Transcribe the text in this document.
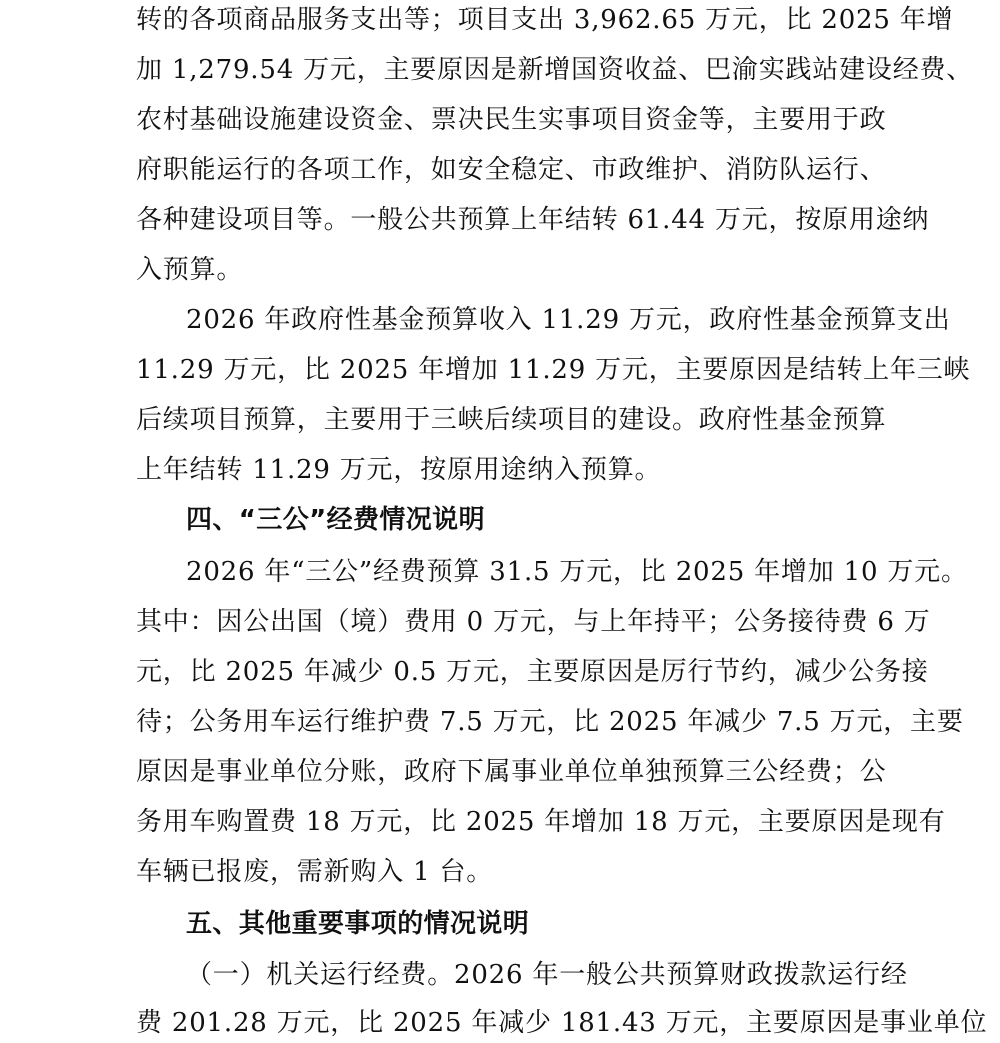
转的各项商品服务支出等；项目支出 3,962.65 万元，比 2025 年增
加 1,279.54 万元，主要原因是新增国资收益、巴渝实践站建设经费、
农村基础设施建设资金、票决民生实事项目资金等，主要用于政
府职能运行的各项工作，如安全稳定、市政维护、消防队运行、
各种建设项目等。一般公共预算上年结转 61.44 万元，按原用途纳
入预算。
2026 年政府性基金预算收入 11.29 万元，政府性基金预算支出
11.29 万元，比 2025 年增加 11.29 万元，主要原因是结转上年三峡
后续项目预算，主要用于三峡后续项目的建设。政府性基金预算
上年结转 11.29 万元，按原用途纳入预算。
四、“三公”经费情况说明
2026 年“三公”经费预算 31.5 万元，比 2025 年增加 10 万元。
其中：因公出国（境）费用 0 万元，与上年持平；公务接待费 6 万
元，比 2025 年减少 0.5 万元，主要原因是厉行节约，减少公务接
待；公务用车运行维护费 7.5 万元，比 2025 年减少 7.5 万元，主要
原因是事业单位分账，政府下属事业单位单独预算三公经费；公
务用车购置费 18 万元，比 2025 年增加 18 万元，主要原因是现有
车辆已报废，需新购入 1 台。
五、其他重要事项的情况说明
（一）机关运行经费。2026 年一般公共预算财政拨款运行经
费 201.28 万元，比 2025 年减少 181.43 万元，主要原因是事业单位
